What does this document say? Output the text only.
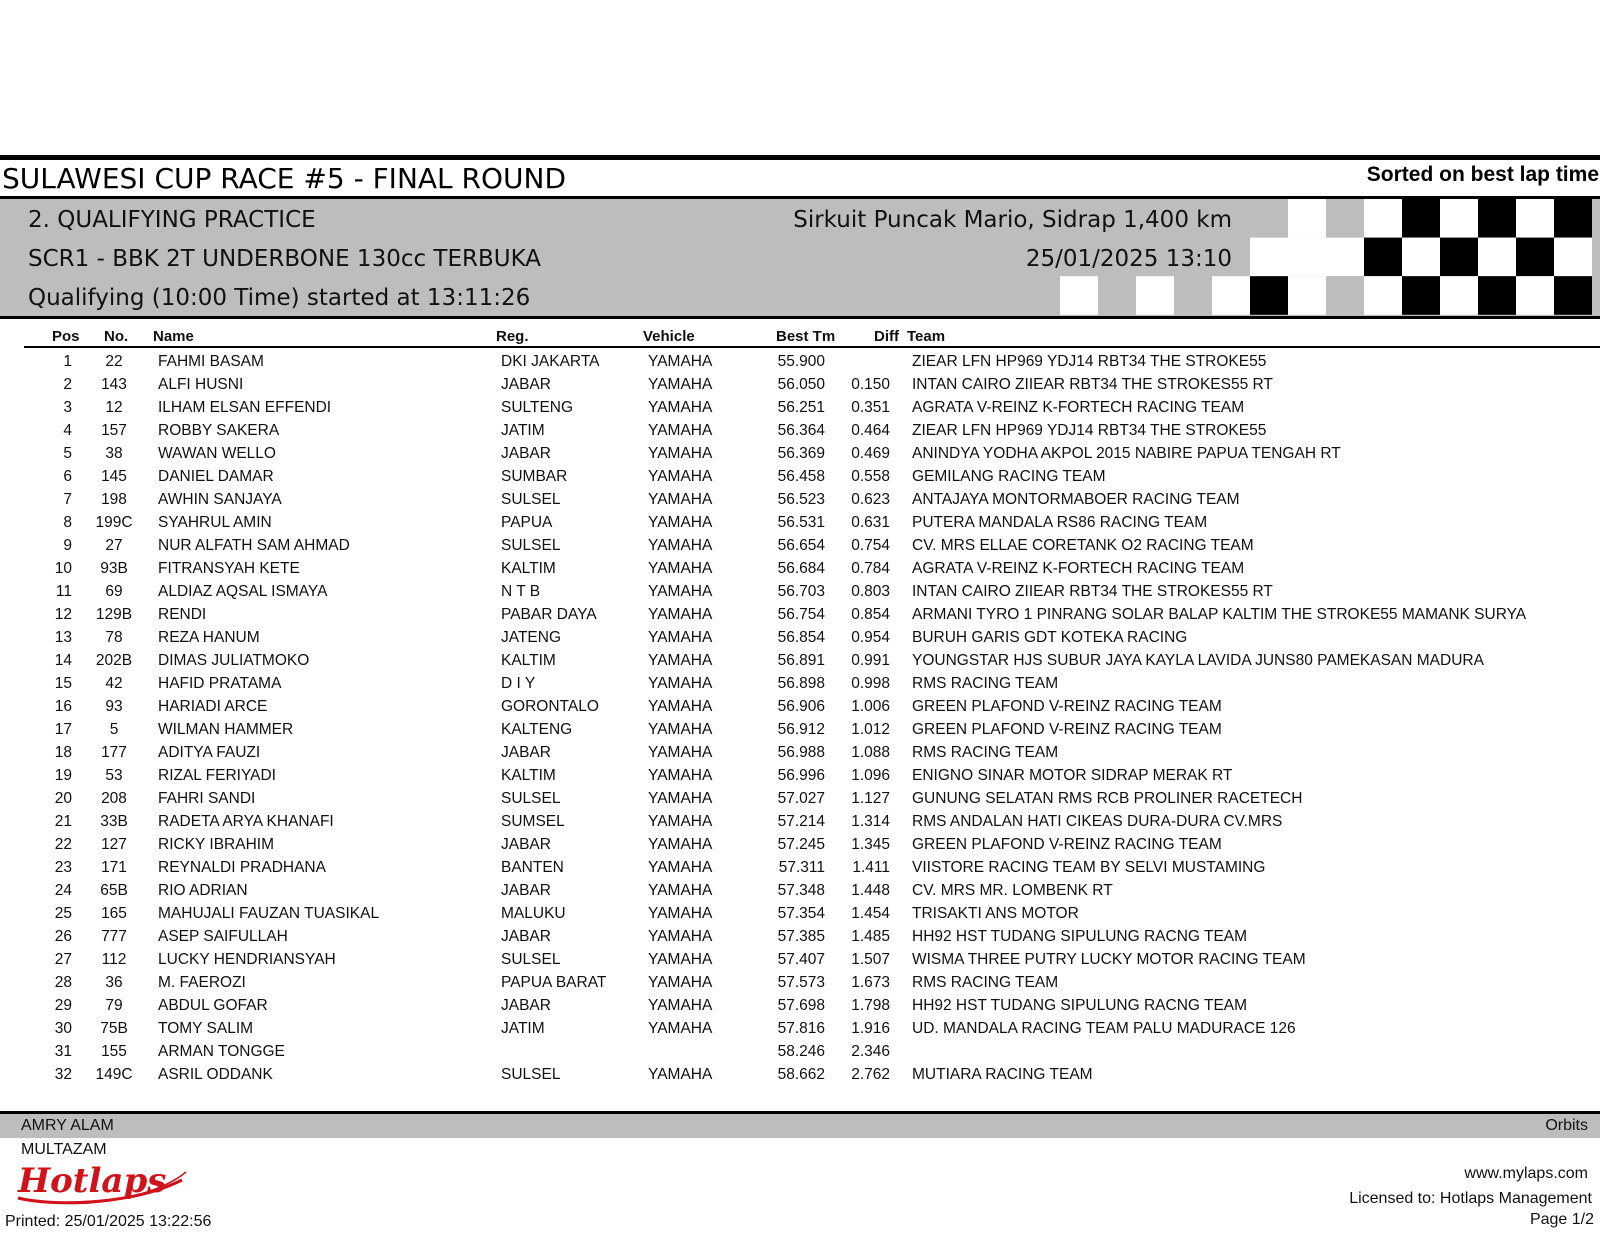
SULAWESI CUP RACE #5 - FINAL ROUND	Sorted on best lap time
2. QUALIFYING PRACTICE
SCR1 - BBK 2T UNDERBONE 130cc TERBUKA
Qualifying (10:00 Time) started at 13:11:26
Sirkuit Puncak Mario, Sidrap 1,400 km
25/01/2025 13:10
Pos No. Name	Reg.	Vehicle	Best Tm	Diff Team
1 22 FAHMI BASAM	DKI JAKARTA	YAMAHA	55.900	ZIEAR LFN HP969 YDJ14 RBT34 THE STROKE55
2 143 ALFI HUSNI	JABAR	YAMAHA	56.050 0.150 INTAN CAIRO ZIIEAR RBT34 THE STROKES55 RT
3 12 ILHAM ELSAN EFFENDI	SULTENG	YAMAHA	56.251 0.351 AGRATA V-REINZ K-FORTECH RACING TEAM
4 157 ROBBY SAKERA	JATIM	YAMAHA	56.364 0.464 ZIEAR LFN HP969 YDJ14 RBT34 THE STROKE55
5 38 WAWAN WELLO	JABAR	YAMAHA	56.369 0.469 ANINDYA YODHA AKPOL 2015 NABIRE PAPUA TENGAH RT
6 145 DANIEL DAMAR	SUMBAR	YAMAHA	56.458 0.558 GEMILANG RACING TEAM
7 198 AWHIN SANJAYA	SULSEL	YAMAHA	56.523 0.623 ANTAJAYA MONTORMABOER RACING TEAM
8 199C SYAHRUL AMIN	PAPUA	YAMAHA	56.531 0.631 PUTERA MANDALA RS86 RACING TEAM
9 27 NUR ALFATH SAM AHMAD	SULSEL	YAMAHA	56.654 0.754 CV. MRS ELLAE CORETANK O2 RACING TEAM
10 93B FITRANSYAH KETE	KALTIM	YAMAHA	56.684 0.784 AGRATA V-REINZ K-FORTECH RACING TEAM
11 69 ALDIAZ AQSAL ISMAYA	N T B	YAMAHA	56.703 0.803 INTAN CAIRO ZIIEAR RBT34 THE STROKES55 RT
12 129B RENDI	PABAR DAYA	YAMAHA	56.754 0.854 ARMANI TYRO 1 PINRANG SOLAR BALAP KALTIM THE STROKE55 MAMANK SURYA
13 78 REZA HANUM	JATENG	YAMAHA	56.854 0.954 BURUH GARIS GDT KOTEKA RACING
14 202B DIMAS JULIATMOKO	KALTIM	YAMAHA	56.891 0.991 YOUNGSTAR HJS SUBUR JAYA KAYLA LAVIDA JUNS80 PAMEKASAN MADURA
15 42 HAFID PRATAMA	D I Y	YAMAHA	56.898 0.998 RMS RACING TEAM
16 93 HARIADI ARCE	GORONTALO	YAMAHA	56.906 1.006 GREEN PLAFOND V-REINZ RACING TEAM
17 5	WILMAN HAMMER	KALTENG	YAMAHA	56.912 1.012 GREEN PLAFOND V-REINZ RACING TEAM
18 177 ADITYA FAUZI	JABAR	YAMAHA	56.988 1.088 RMS RACING TEAM
19 53 RIZAL FERIYADI	KALTIM	YAMAHA	56.996 1.096 ENIGNO SINAR MOTOR SIDRAP MERAK RT
20 208 FAHRI SANDI	SULSEL	YAMAHA	57.027 1.127 GUNUNG SELATAN RMS RCB PROLINER RACETECH
21 33B RADETA ARYA KHANAFI	SUMSEL	YAMAHA	57.214 1.314 RMS ANDALAN HATI CIKEAS DURA-DURA CV.MRS
22 127 RICKY IBRAHIM	JABAR	YAMAHA	57.245 1.345 GREEN PLAFOND V-REINZ RACING TEAM
23 171 REYNALDI PRADHANA	BANTEN	YAMAHA	57.311 1.411 VIISTORE RACING TEAM BY SELVI MUSTAMING
24 65B RIO ADRIAN	JABAR	YAMAHA	57.348 1.448 CV. MRS MR. LOMBENK RT
25 165 MAHUJALI FAUZAN TUASIKAL	MALUKU	YAMAHA	57.354 1.454 TRISAKTI ANS MOTOR
26 777 ASEP SAIFULLAH	JABAR	YAMAHA	57.385 1.485 HH92 HST TUDANG SIPULUNG RACNG TEAM
27 112 LUCKY HENDRIANSYAH	SULSEL	YAMAHA	57.407 1.507 WISMA THREE PUTRY LUCKY MOTOR RACING TEAM
28 36 M. FAEROZI	PAPUA BARAT	YAMAHA	57.573 1.673 RMS RACING TEAM
29 79 ABDUL GOFAR	JABAR	YAMAHA	57.698 1.798 HH92 HST TUDANG SIPULUNG RACNG TEAM
30 75B TOMY SALIM	JATIM	YAMAHA	57.816 1.916 UD. MANDALA RACING TEAM PALU MADURACE 126
31 155 ARMAN TONGGE	58.246 2.346
32 149C ASRIL ODDANK	SULSEL	YAMAHA	58.662 2.762 MUTIARA RACING TEAM
AMRY ALAM
MULTAZAM
Orbits
Hotlaps
Printed: 25/01/2025 13:22:56
www.mylaps.com
Licensed to: Hotlaps Management
Page 1/2
